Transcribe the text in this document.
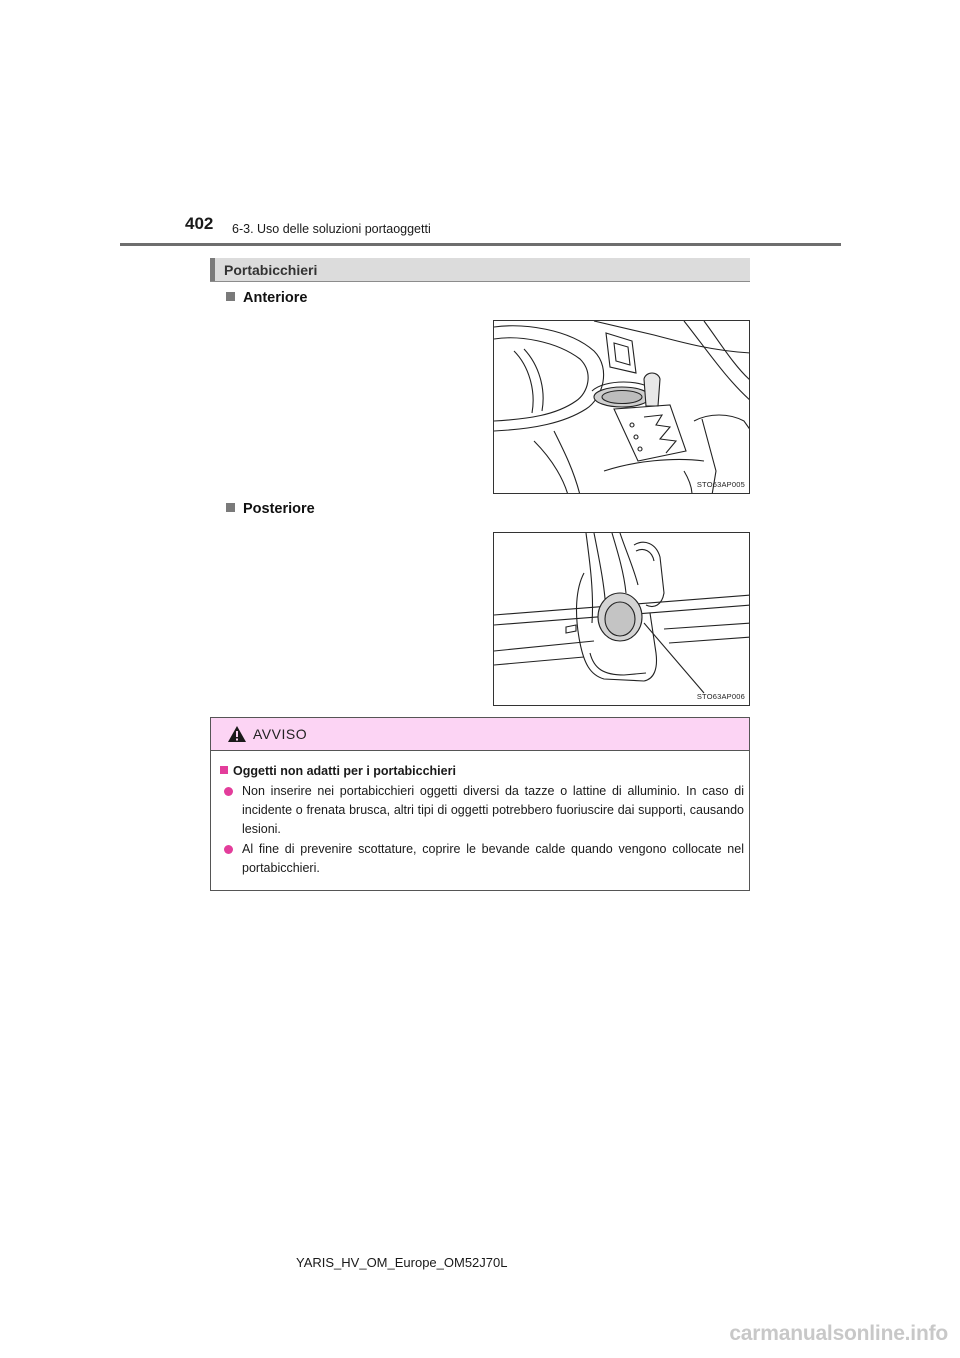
402 6-3. Uso delle soluzioni portaoggetti
Portabicchieri
Anteriore
STO63AP005
Posteriore
STO63AP006
AVVISO
Oggetti non adatti per i portabicchieri
Non inserire nei portabicchieri oggetti diversi da tazze o lattine di alluminio. In caso di incidente o frenata brusca, altri tipi di oggetti potrebbero fuoriuscire dai supporti, causando lesioni.
Al fine di prevenire scottature, coprire le bevande calde quando vengono collocate nel portabicchieri.
YARIS_HV_OM_Europe_OM52J70L
carmanualsonline.info
